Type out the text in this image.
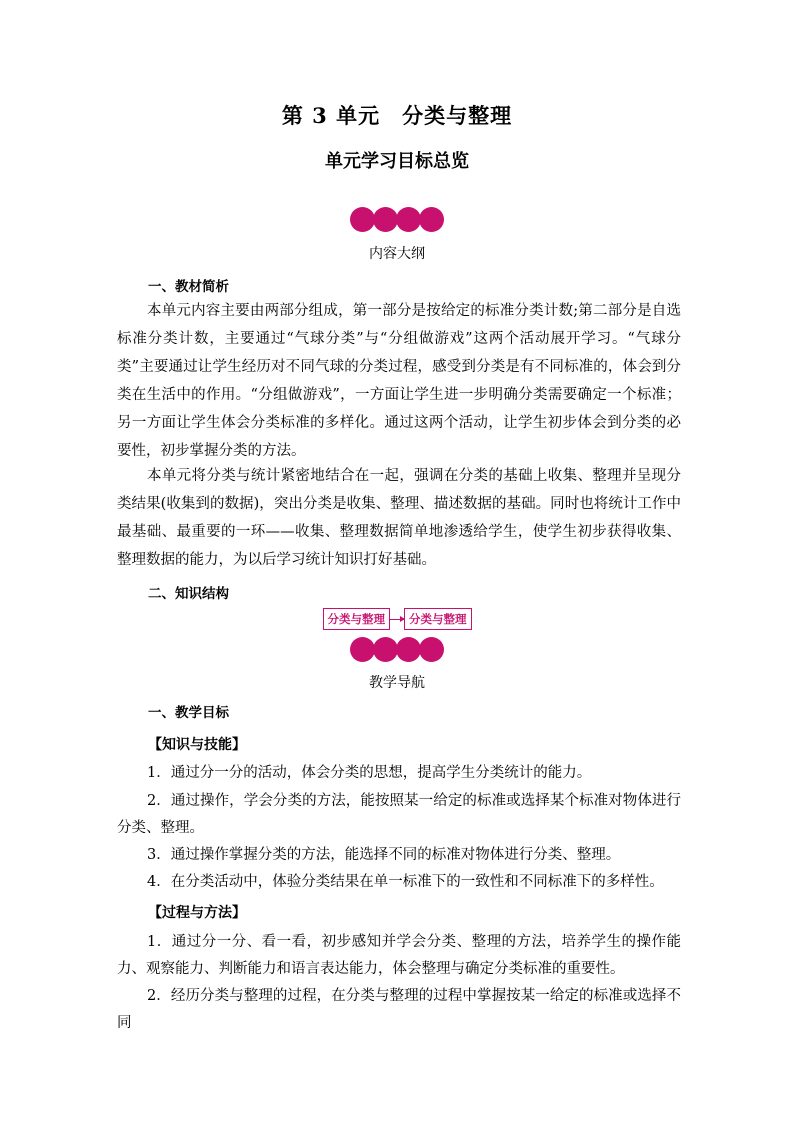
第 3 单元 分类与整理
单元学习目标总览
内容大纲
一、教材简析

本单元内容主要由两部分组成，第一部分是按给定的标准分类计数;第二部分是自选标准分类计数，主要通过“气球分类”与“分组做游戏”这两个活动展开学习。“气球分类”主要通过让学生经历对不同气球的分类过程，感受到分类是有不同标准的，体会到分类在生活中的作用。“分组做游戏”，一方面让学生进一步明确分类需要确定一个标准；另一方面让学生体会分类标准的多样化。通过这两个活动，让学生初步体会到分类的必要性，初步掌握分类的方法。

本单元将分类与统计紧密地结合在一起，强调在分类的基础上收集、整理并呈现分类结果(收集到的数据)，突出分类是收集、整理、描述数据的基础。同时也将统计工作中最基础、最重要的一环——收集、整理数据简单地渗透给学生，使学生初步获得收集、整理数据的能力，为以后学习统计知识打好基础。

二、知识结构
分类与整理	分类与整理
教学导航
一、教学目标
【知识与技能】

1．通过分一分的活动，体会分类的思想，提高学生分类统计的能力。

2．通过操作，学会分类的方法，能按照某一给定的标准或选择某个标准对物体进行分类、整理。

3．通过操作掌握分类的方法，能选择不同的标准对物体进行分类、整理。

4．在分类活动中，体验分类结果在单一标准下的一致性和不同标准下的多样性。

【过程与方法】

1．通过分一分、看一看，初步感知并学会分类、整理的方法，培养学生的操作能力、观察能力、判断能力和语言表达能力，体会整理与确定分类标准的重要性。

2．经历分类与整理的过程，在分类与整理的过程中掌握按某一给定的标准或选择不同
